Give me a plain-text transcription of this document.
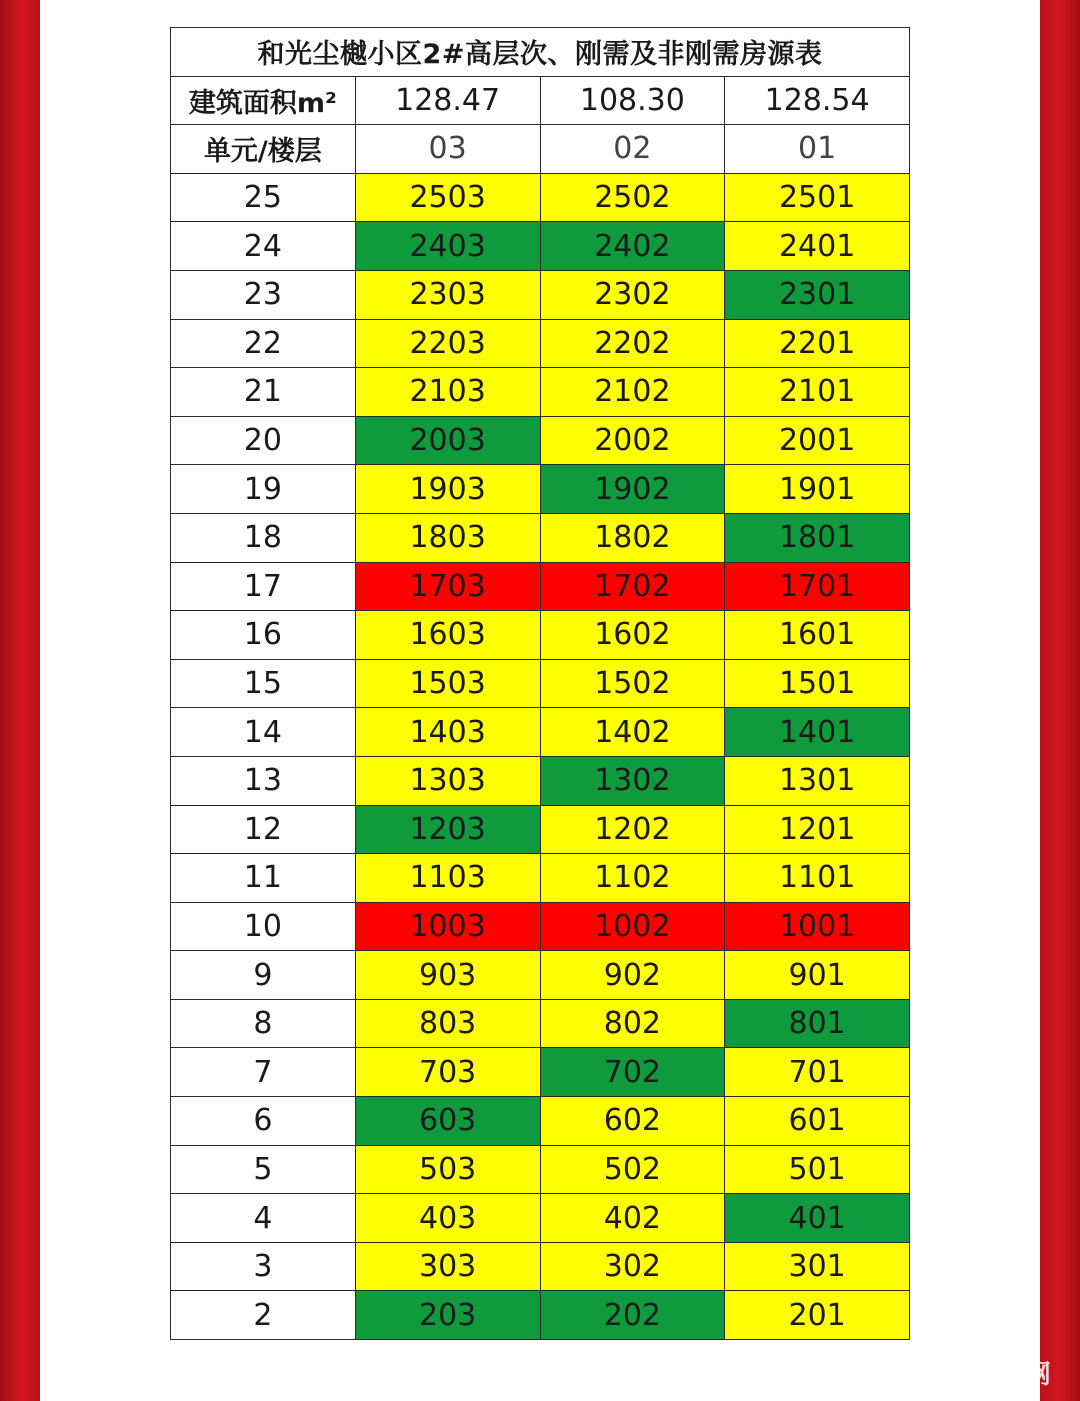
和光尘樾小区2#高层次、刚需及非刚需房源表			
建筑面积m²	128.47	108.30	128.54
单元/楼层	03	02	01
25	2503	2502	2501
24	2403	2402	2401
23	2303	2302	2301
22	2203	2202	2201
21	2103	2102	2101
20	2003	2002	2001
19	1903	1902	1901
18	1803	1802	1801
17	1703	1702	1701
16	1603	1602	1601
15	1503	1502	1501
14	1403	1402	1401
13	1303	1302	1301
12	1203	1202	1201
11	1103	1102	1101
10	1003	1002	1001
9	903	902	901
8	803	802	801
7	703	702	701
6	603	602	601
5	503	502	501
4	403	402	401
3	303	302	301
2	203	202	201
德阳地产网
